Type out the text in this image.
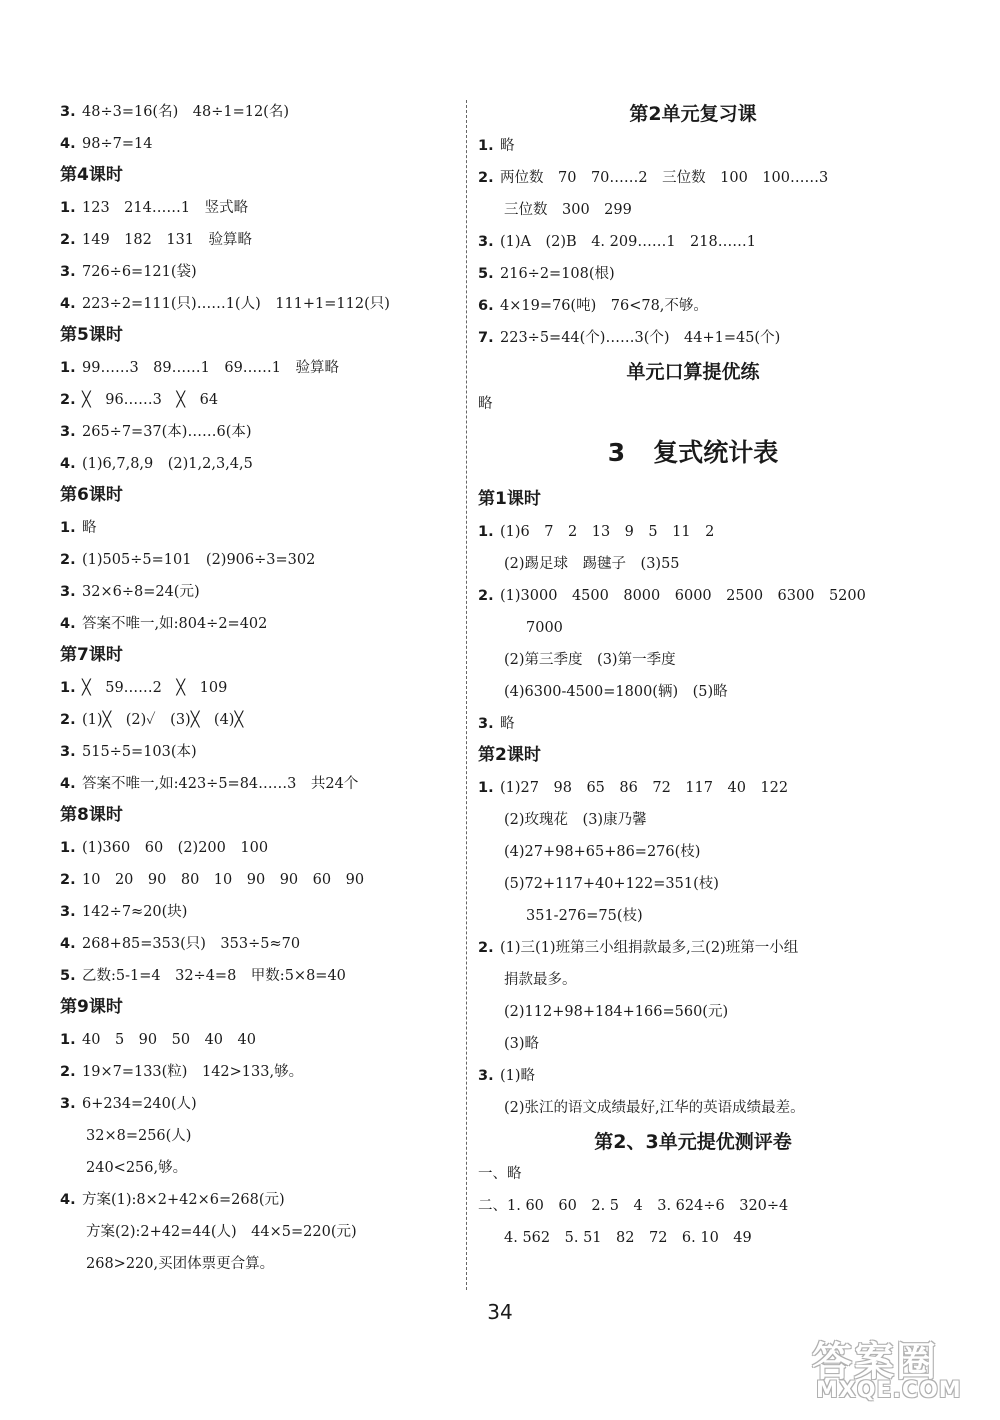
3. 48÷3=16(名)　48÷1=12(名)
4. 98÷7=14
第4课时
1. 123　214……1　竖式略
2. 149　182　131　验算略
3. 726÷6=121(袋)
4. 223÷2=111(只)……1(人)　111+1=112(只)
第5课时
1. 99……3　89……1　69……1　验算略
2. ╳　96……3　╳　64
3. 265÷7=37(本)……6(本)
4. (1)6,7,8,9　(2)1,2,3,4,5
第6课时
1. 略
2. (1)505÷5=101　(2)906÷3=302
3. 32×6÷8=24(元)
4. 答案不唯一,如:804÷2=402
第7课时
1. ╳　59……2　╳　109
2. (1)╳　(2)✓　(3)╳　(4)╳
3. 515÷5=103(本)
4. 答案不唯一,如:423÷5=84……3　共24个
第8课时
1. (1)360　60　(2)200　100
2. 10　20　90　80　10　90　90　60　90
3. 142÷7≈20(块)
4. 268+85=353(只)　353÷5≈70
5. 乙数:5-1=4　32÷4=8　甲数:5×8=40
第9课时
1. 40　5　90　50　40　40
2. 19×7=133(粒)　142>133,够。
3. 6+234=240(人)
32×8=256(人)
240<256,够。
4. 方案(1):8×2+42×6=268(元)
方案(2):2+42=44(人)　44×5=220(元)
268>220,买团体票更合算。
第2单元复习课
1. 略
2. 两位数　70　70……2　三位数　100　100……3
三位数　300　299
3. (1)A　(2)B　4. 209……1　218……1
5. 216÷2=108(根)
6. 4×19=76(吨)　76<78,不够。
7. 223÷5=44(个)……3(个)　44+1=45(个)
单元口算提优练
略
3 复式统计表
第1课时
1. (1)6　7　2　13　9　5　11　2
(2)踢足球　踢毽子　(3)55
2. (1)3000　4500　8000　6000　2500　6300　5200
7000
(2)第三季度　(3)第一季度
(4)6300-4500=1800(辆)　(5)略
3. 略
第2课时
1. (1)27　98　65　86　72　117　40　122
(2)玫瑰花　(3)康乃馨
(4)27+98+65+86=276(枝)
(5)72+117+40+122=351(枝)
351-276=75(枝)
2. (1)三(1)班第三小组捐款最多,三(2)班第一小组
捐款最多。
(2)112+98+184+166=560(元)
(3)略
3. (1)略
(2)张江的语文成绩最好,江华的英语成绩最差。
第2、3单元提优测评卷
一、略
二、1. 60　60　2. 5　4　3. 624÷6　320÷4
4. 562　5. 51　82　72　6. 10　49
34
答案圈
MXQE.COM
